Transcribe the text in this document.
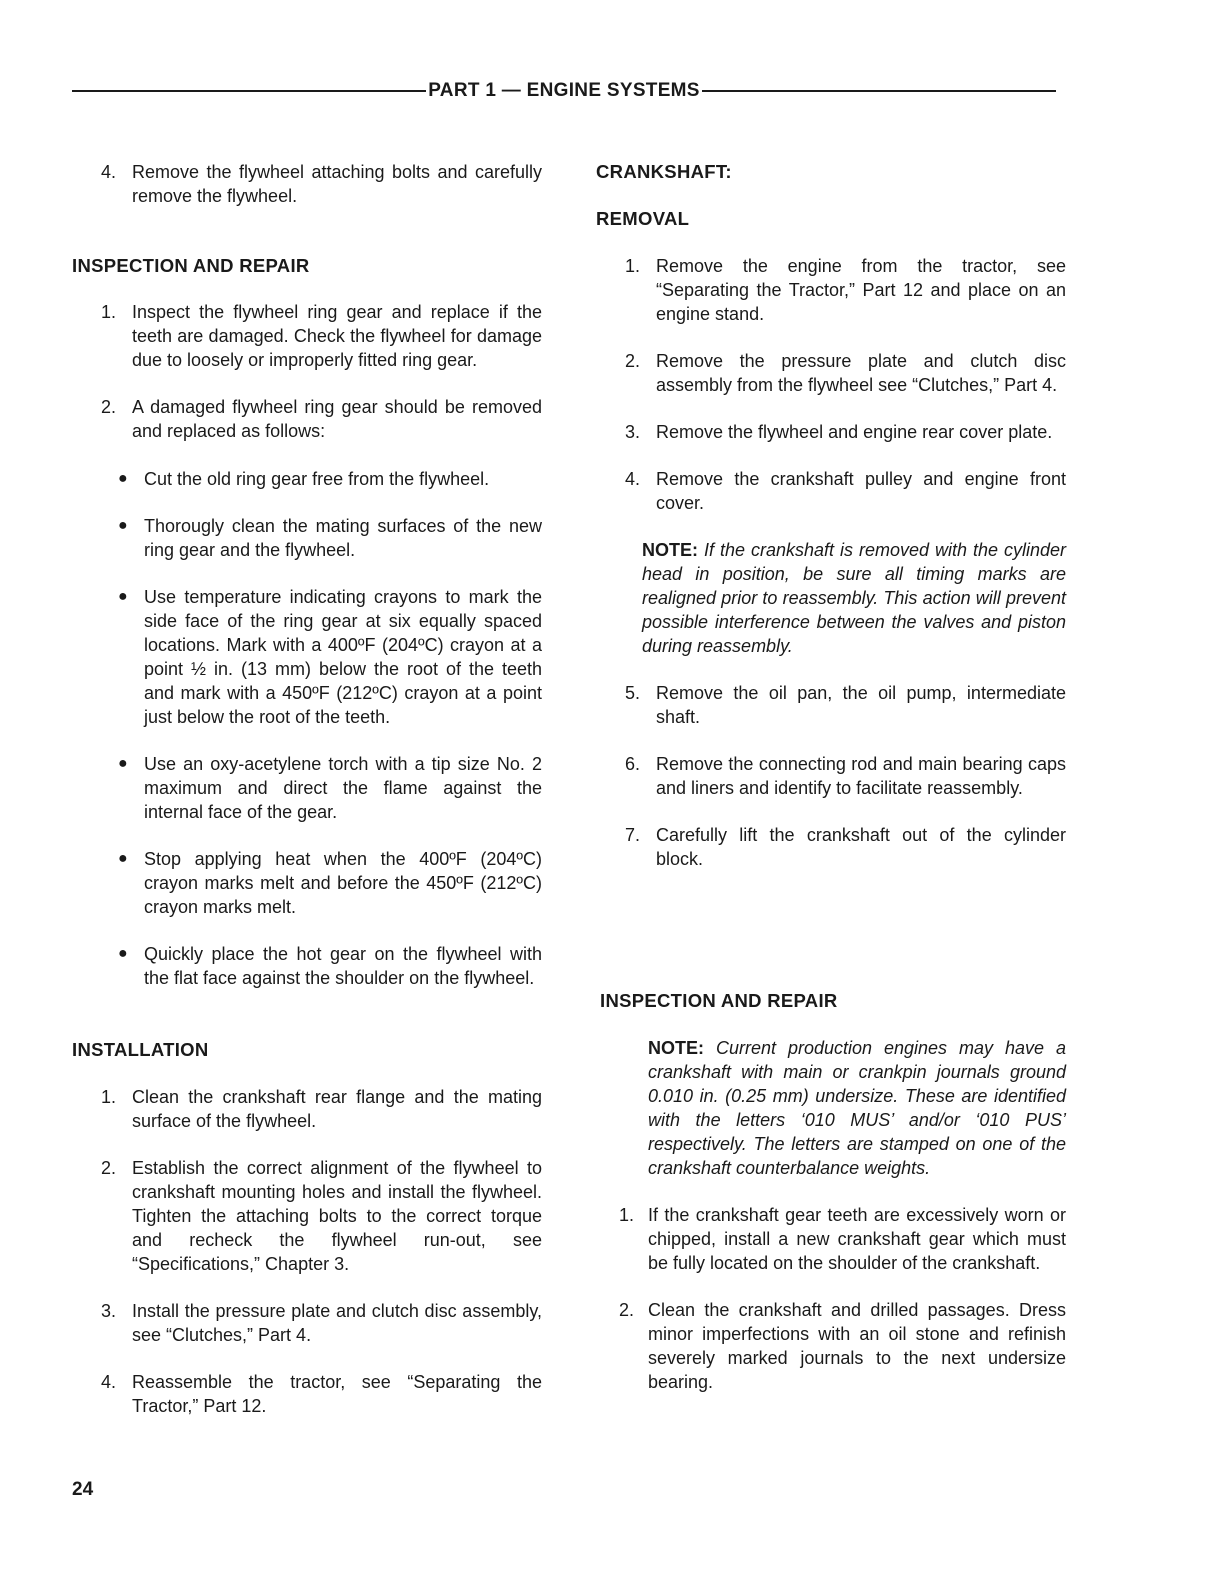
PART 1 — ENGINE SYSTEMS
4. Remove the flywheel attaching bolts and carefully remove the flywheel.

INSPECTION AND REPAIR

1. Inspect the flywheel ring gear and replace if the teeth are damaged. Check the flywheel for damage due to loosely or improperly fitted ring gear.
2. A damaged flywheel ring gear should be removed and replaced as follows:
● Cut the old ring gear free from the flywheel.
● Thorougly clean the mating surfaces of the new ring gear and the flywheel.
● Use temperature indicating crayons to mark the side face of the ring gear at six equally spaced locations. Mark with a 400ºF (204ºC) crayon at a point ½ in. (13 mm) below the root of the teeth and mark with a 450ºF (212ºC) crayon at a point just below the root of the teeth.
● Use an oxy-acetylene torch with a tip size No. 2 maximum and direct the flame against the internal face of the gear.
● Stop applying heat when the 400ºF (204ºC) crayon marks melt and before the 450ºF (212ºC) crayon marks melt.
● Quickly place the hot gear on the flywheel with the flat face against the shoulder on the flywheel.

INSTALLATION

1. Clean the crankshaft rear flange and the mating surface of the flywheel.
2. Establish the correct alignment of the flywheel to crankshaft mounting holes and install the flywheel. Tighten the attaching bolts to the correct torque and recheck the flywheel run-out, see “Specifications,” Chapter 3.
3. Install the pressure plate and clutch disc assembly, see “Clutches,” Part 4.
4. Reassemble the tractor, see “Separating the Tractor,” Part 12.

CRANKSHAFT:

REMOVAL

1. Remove the engine from the tractor, see “Separating the Tractor,” Part 12 and place on an engine stand.
2. Remove the pressure plate and clutch disc assembly from the flywheel see “Clutches,” Part 4.
3. Remove the flywheel and engine rear cover plate.
4. Remove the crankshaft pulley and engine front cover.
NOTE: If the crankshaft is removed with the cylinder head in position, be sure all timing marks are realigned prior to reassembly. This action will prevent possible interference between the valves and piston during reassembly.
5. Remove the oil pan, the oil pump, intermediate shaft.
6. Remove the connecting rod and main bearing caps and liners and identify to facilitate reassembly.
7. Carefully lift the crankshaft out of the cylinder block.

INSPECTION AND REPAIR

NOTE: Current production engines may have a crankshaft with main or crankpin journals ground 0.010 in. (0.25 mm) undersize. These are identified with the letters ‘010 MUS’ and/or ‘010 PUS’ respectively. The letters are stamped on one of the crankshaft counterbalance weights.
1. If the crankshaft gear teeth are excessively worn or chipped, install a new crankshaft gear which must be fully located on the shoulder of the crankshaft.
2. Clean the crankshaft and drilled passages. Dress minor imperfections with an oil stone and refinish severely marked journals to the next undersize bearing.
24
